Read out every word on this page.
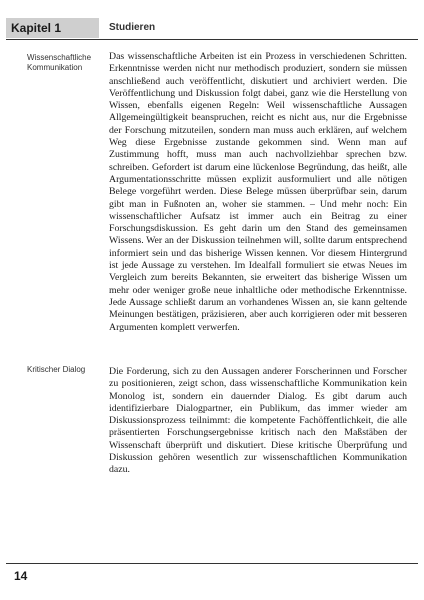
Kapitel 1	Studieren
Wissenschaftliche Kommunikation
Das wissenschaftliche Arbeiten ist ein Prozess in verschiedenen Schritten. Erkenntnisse werden nicht nur methodisch produziert, sondern sie müssen anschließend auch veröffentlicht, diskutiert und archiviert werden. Die Veröffentlichung und Diskussion folgt dabei, ganz wie die Herstellung von Wissen, ebenfalls eigenen Regeln: Weil wissenschaftliche Aussagen Allgemeingültigkeit beanspruchen, reicht es nicht aus, nur die Ergebnisse der Forschung mitzuteilen, sondern man muss auch erklären, auf welchem Weg diese Ergebnisse zustande gekommen sind. Wenn man auf Zustimmung hofft, muss man auch nachvollziehbar sprechen bzw. schreiben. Gefordert ist darum eine lückenlose Begründung, das heißt, alle Argumentationsschritte müssen explizit ausformuliert und alle nötigen Belege vorgeführt werden. Diese Belege müssen überprüfbar sein, darum gibt man in Fußnoten an, woher sie stammen. – Und mehr noch: Ein wissenschaftlicher Aufsatz ist immer auch ein Beitrag zu einer Forschungsdiskussion. Es geht darin um den Stand des gemeinsamen Wissens. Wer an der Diskussion teilnehmen will, sollte darum entsprechend informiert sein und das bisherige Wissen kennen. Vor diesem Hintergrund ist jede Aussage zu verstehen. Im Idealfall formuliert sie etwas Neues im Vergleich zum bereits Bekannten, sie erweitert das bisherige Wissen um mehr oder weniger große neue inhaltliche oder methodische Erkenntnisse. Jede Aussage schließt darum an vorhandenes Wissen an, sie kann geltende Meinungen bestätigen, präzisieren, aber auch korrigieren oder mit besseren Argumenten komplett verwerfen.
Kritischer Dialog	Die Forderung, sich zu den Aussagen anderer Forscherinnen und Forscher zu positionieren, zeigt schon, dass wissenschaftliche Kommunikation kein Monolog ist, sondern ein dauernder Dialog. Es gibt darum auch identifizierbare Dialogpartner, ein Publikum, das immer wieder am Diskussionsprozess teilnimmt: die kompetente Fachöffentlichkeit, die alle präsentierten Forschungsergebnisse kritisch nach den Maßstäben der Wissenschaft überprüft und diskutiert. Diese kritische Überprüfung und Diskussion gehören wesentlich zur wissenschaftlichen Kommunikation dazu.
14
